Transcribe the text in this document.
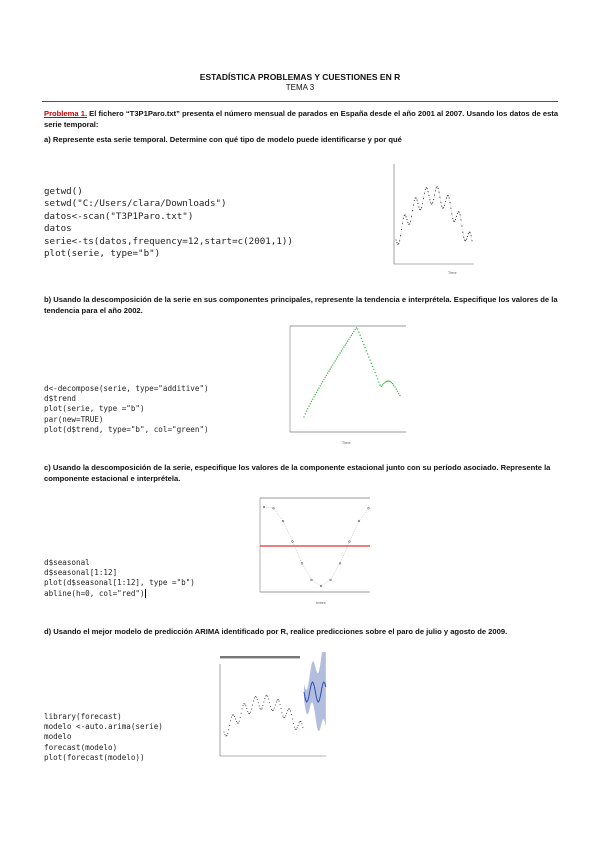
ESTADÍSTICA PROBLEMAS Y CUESTIONES EN R
TEMA 3
Problema 1. El fichero “T3P1Paro.txt” presenta el número mensual de parados en España desde el año 2001 al 2007. Usando los datos de esta serie temporal:
a) Represente esta serie temporal. Determine con qué tipo de modelo puede identificarse y por qué
getwd()
setwd("C:/Users/clara/Downloads")
datos<-scan("T3P1Paro.txt")
datos
serie<-ts(datos,frequency=12,start=c(2001,1))
plot(serie, type="b")
Time
b) Usando la descomposición de la serie en sus componentes principales, represente la tendencia e interprétela. Especifique los valores de la tendencia para el año 2002.
d<-decompose(serie, type="additive")
d$trend
plot(serie, type ="b")
par(new=TRUE)
plot(d$trend, type="b", col="green")
Time
c) Usando la descomposición de la serie, especifique los valores de la componente estacional junto con su período asociado. Represente la componente estacional e interprétela.
d$seasonal
d$seasonal[1:12]
plot(d$seasonal[1:12], type ="b")
abline(h=0, col="red")
Index
d) Usando el mejor modelo de predicción ARIMA identificado por R, realice predicciones sobre el paro de julio y agosto de 2009.
library(forecast)
modelo <-auto.arima(serie)
modelo
forecast(modelo)
plot(forecast(modelo))
